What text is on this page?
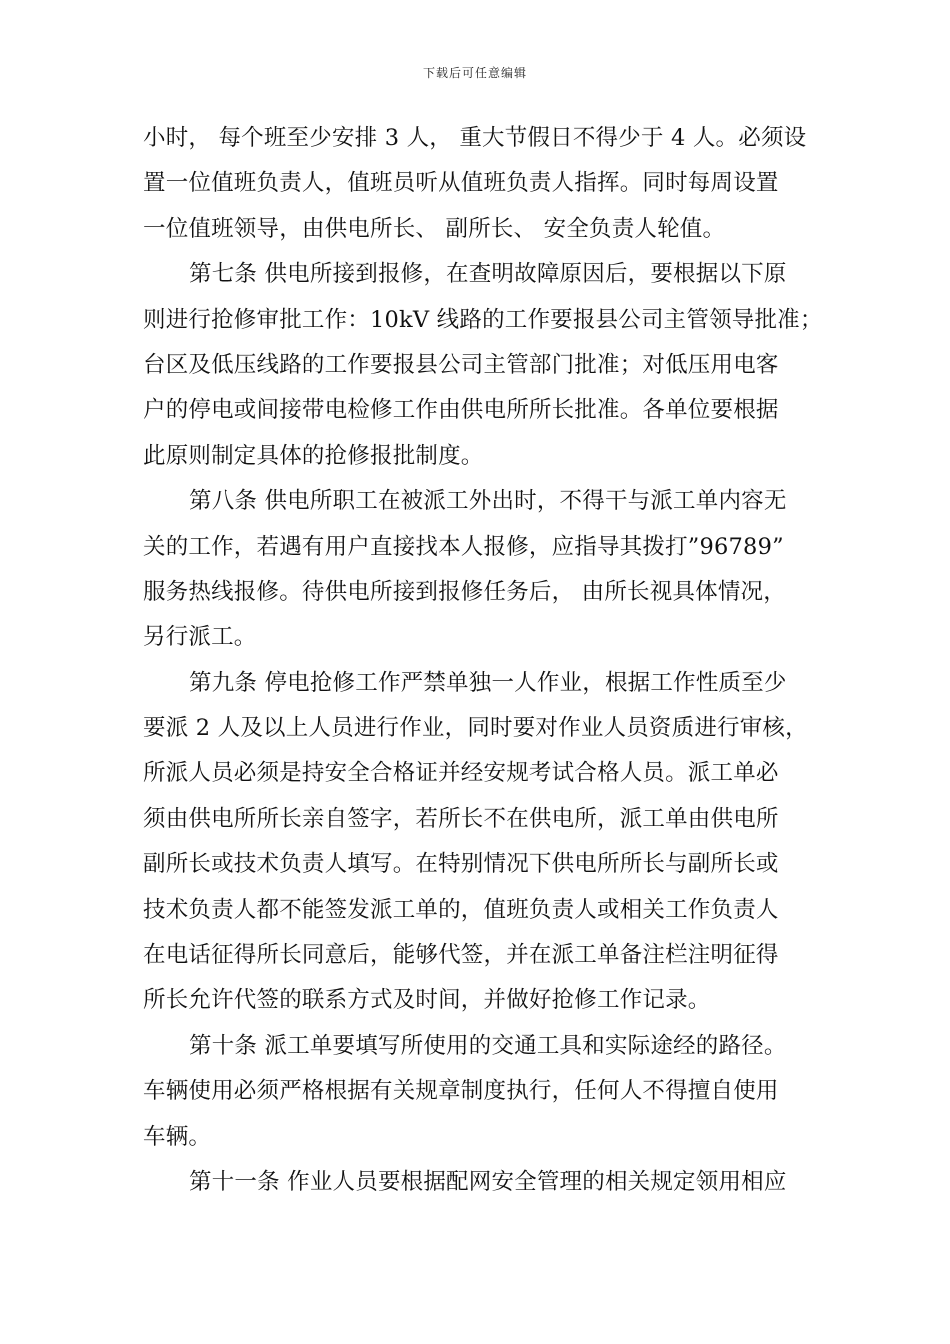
下载后可任意编辑
小时， 每个班至少安排 3 人， 重大节假日不得少于 4 人。必须设
置一位值班负责人，值班员听从值班负责人指挥。同时每周设置
一位值班领导，由供电所长、 副所长、 安全负责人轮值。
第七条 供电所接到报修，在查明故障原因后，要根据以下原
则进行抢修审批工作：10kV 线路的工作要报县公司主管领导批准；
台区及低压线路的工作要报县公司主管部门批准；对低压用电客
户的停电或间接带电检修工作由供电所所长批准。各单位要根据
此原则制定具体的抢修报批制度。
第八条 供电所职工在被派工外出时，不得干与派工单内容无
关的工作，若遇有用户直接找本人报修，应指导其拨打”96789”
服务热线报修。待供电所接到报修任务后， 由所长视具体情况，
另行派工。
第九条 停电抢修工作严禁单独一人作业，根据工作性质至少
要派 2 人及以上人员进行作业，同时要对作业人员资质进行审核，
所派人员必须是持安全合格证并经安规考试合格人员。派工单必
须由供电所所长亲自签字，若所长不在供电所，派工单由供电所
副所长或技术负责人填写。在特别情况下供电所所长与副所长或
技术负责人都不能签发派工单的，值班负责人或相关工作负责人
在电话征得所长同意后，能够代签，并在派工单备注栏注明征得
所长允许代签的联系方式及时间，并做好抢修工作记录。
第十条 派工单要填写所使用的交通工具和实际途经的路径。
车辆使用必须严格根据有关规章制度执行，任何人不得擅自使用
车辆。
第十一条 作业人员要根据配网安全管理的相关规定领用相应
